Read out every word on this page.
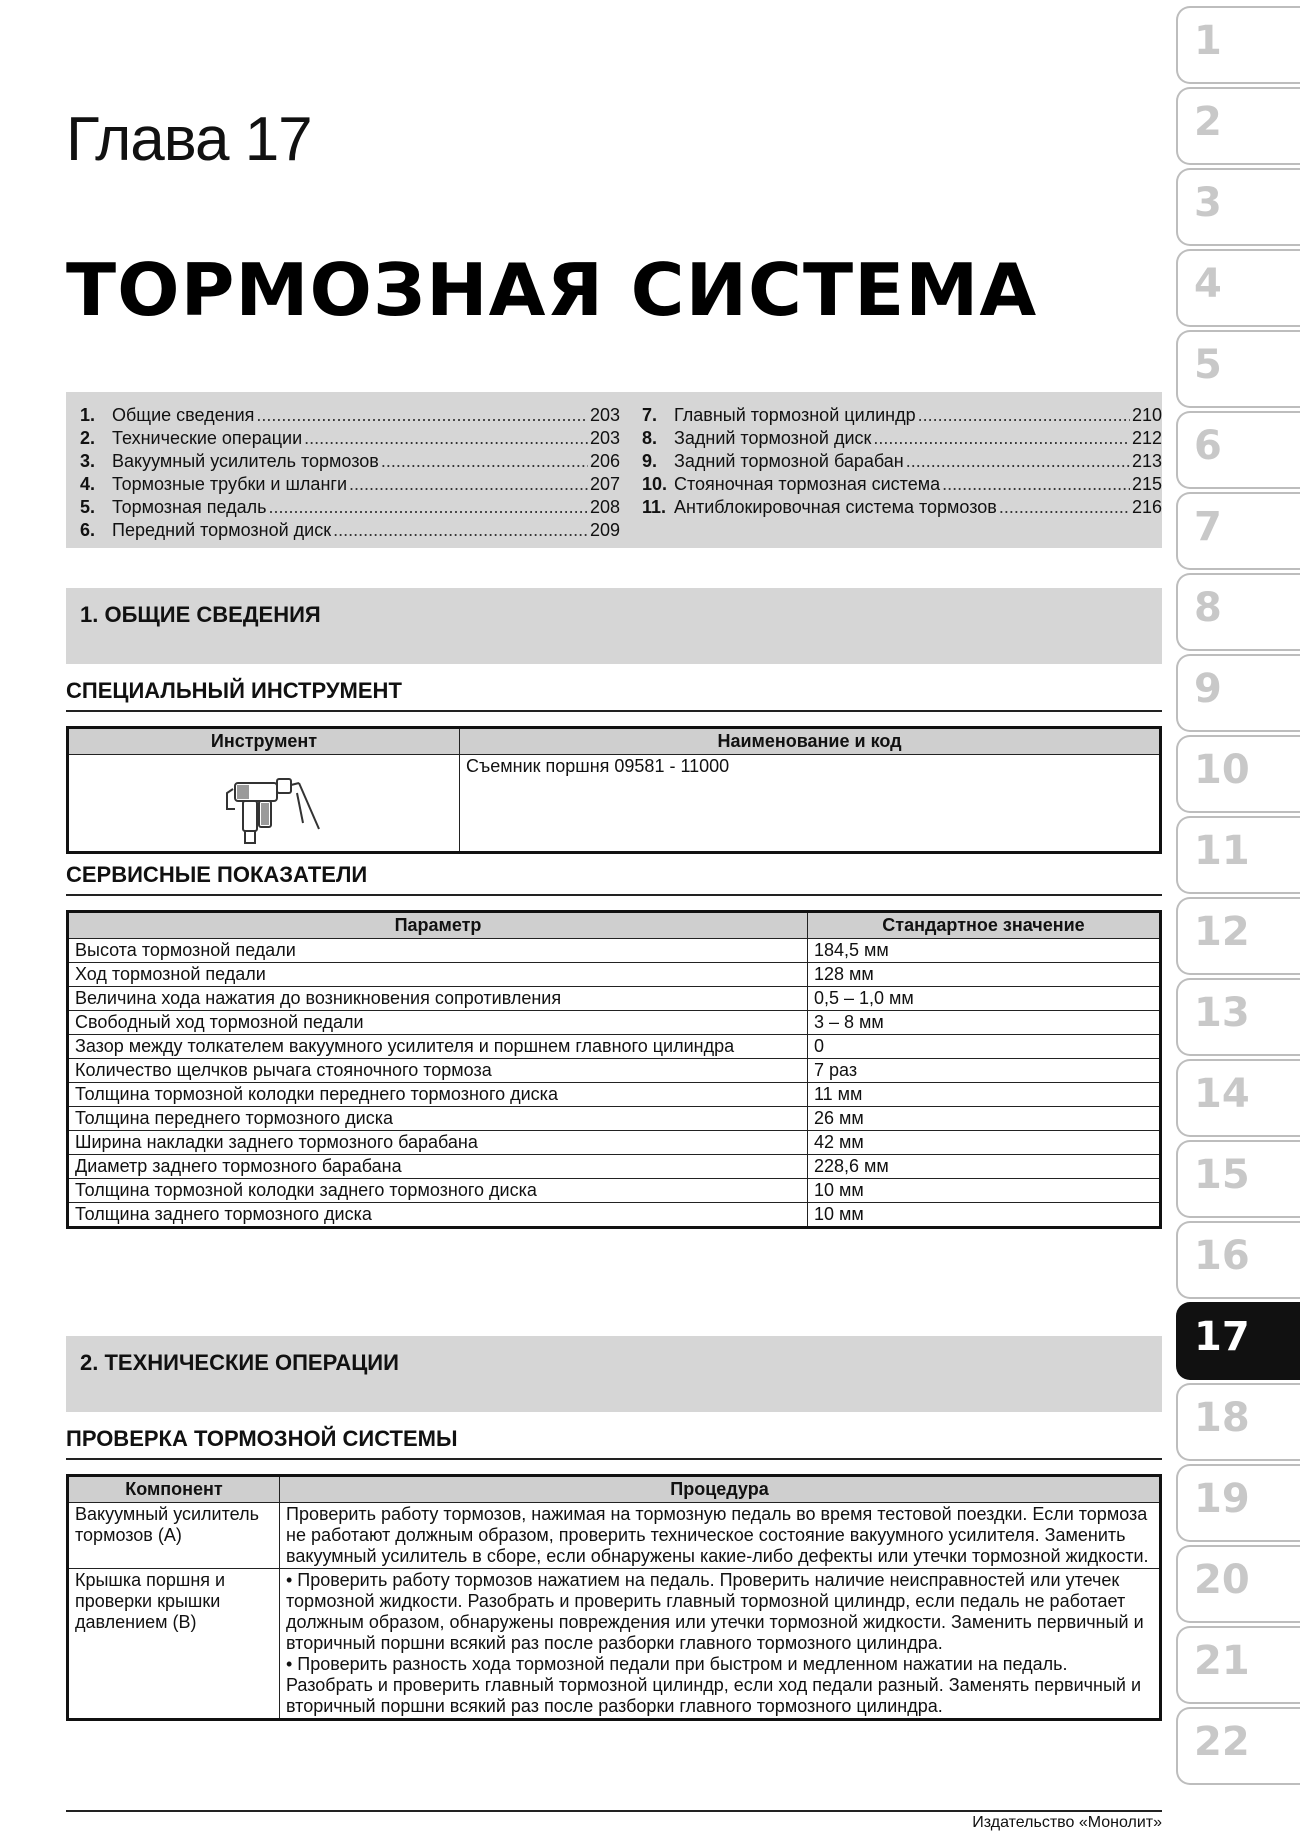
Глава 17
ТОРМОЗНАЯ СИСТЕМА
1. Общие сведения .....	203
2. Технические операции .....	203
3. Вакуумный усилитель тормозов .....	206
4. Тормозные трубки и шланги .....	207
5. Тормозная педаль .....	208
6. Передний тормозной диск .....	209
7. Главный тормозной цилиндр .....	210
8. Задний тормозной диск .....	212
9. Задний тормозной барабан .....	213
10. Стояночная тормозная система .....	215
11. Антиблокировочная система тормозов .....	216
1. ОБЩИЕ СВЕДЕНИЯ
СПЕЦИАЛЬНЫЙ ИНСТРУМЕНТ
Инструмент	Наименование и код

	Съемник поршня 09581 - 11000
СЕРВИСНЫЕ ПОКАЗАТЕЛИ
Параметр	Стандартное значение
Высота тормозной педали	184,5 мм
Ход тормозной педали	128 мм
Величина хода нажатия до возникновения сопротивления	0,5 – 1,0 мм
Свободный ход тормозной педали	3 – 8 мм
Зазор между толкателем вакуумного усилителя и поршнем главного цилиндра	0
Количество щелчков рычага стояночного тормоза	7 раз
Толщина тормозной колодки переднего тормозного диска	11 мм
Толщина переднего тормозного диска	26 мм
Ширина накладки заднего тормозного барабана	42 мм
Диаметр заднего тормозного барабана	228,6 мм
Толщина тормозной колодки заднего тормозного диска	10 мм
Толщина заднего тормозного диска	10 мм
2. ТЕХНИЧЕСКИЕ ОПЕРАЦИИ
ПРОВЕРКА ТОРМОЗНОЙ СИСТЕМЫ
Компонент	Процедура
Вакуумный усилитель тормозов (А)	Проверить работу тормозов, нажимая на тормозную педаль во время тестовой поездки. Если тормоза не работают должным образом, проверить техническое состояние вакуумного усилителя. Заменить вакуумный усилитель в сборе, если обнаружены какие-либо дефекты или утечки тормозной жидкости.
Крышка поршня и проверки крышки давлением (В)	• Проверить работу тормозов нажатием на педаль. Проверить наличие неисправностей или утечек тормозной жидкости. Разобрать и проверить главный тормозной цилиндр, если педаль не работает должным образом, обнаружены повреждения или утечки тормозной жидкости. Заменить первичный и вторичный поршни всякий раз после разборки главного тормозного цилиндра.
• Проверить разность хода тормозной педали при быстром и медленном нажатии на педаль. Разобрать и проверить главный тормозной цилиндр, если ход педали разный. Заменять первичный и вторичный поршни всякий раз после разборки главного тормозного цилиндра.
Издательство «Монолит»
1
2
3
4
5
6
7
8
9
10
11
12
13
14
15
16
17
18
19
20
21
22
